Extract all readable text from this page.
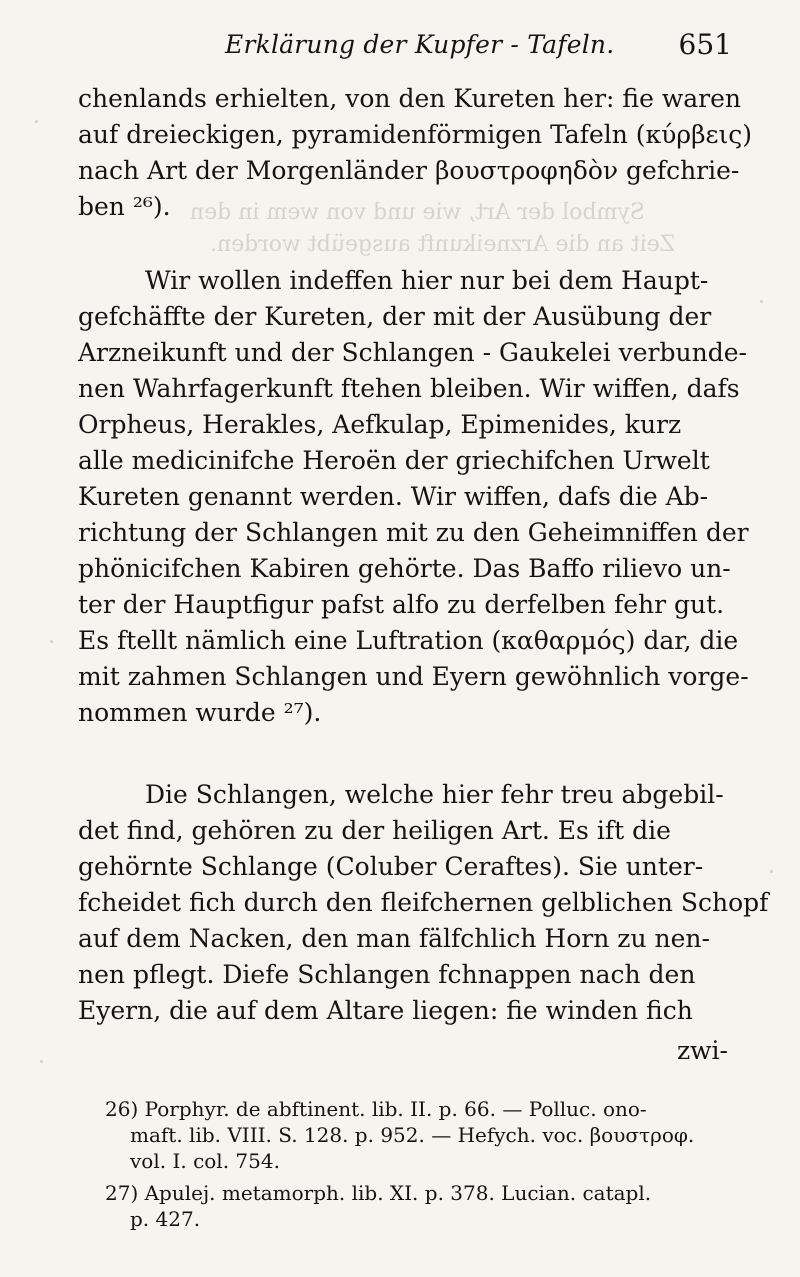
Erklärung der Kupfer - Tafeln. 651
Symbol der Art, wie und von wem in den
Zeit an die Arzneikunft ausgeübt worden.
chenlands erhielten, von den Kureten her: fie waren
auf dreieckigen, pyramidenförmigen Tafeln (κύρβεις)
nach Art der Morgenländer βουστροφηδὸν gefchrie-
ben ²⁶).
Wir wollen indeffen hier nur bei dem Haupt-
gefchäffte der Kureten, der mit der Ausübung der
Arzneikunft und der Schlangen - Gaukelei verbunde-
nen Wahrfagerkunft ftehen bleiben. Wir wiffen, dafs
Orpheus, Herakles, Aefkulap, Epimenides, kurz
alle medicinifche Heroën der griechifchen Urwelt
Kureten genannt werden. Wir wiffen, dafs die Ab-
richtung der Schlangen mit zu den Geheimniffen der
phönicifchen Kabiren gehörte. Das Baffo rilievo un-
ter der Hauptfigur pafst alfo zu derfelben fehr gut.
Es ftellt nämlich eine Luftration (καθαρμός) dar, die
mit zahmen Schlangen und Eyern gewöhnlich vorge-
nommen wurde ²⁷).
Die Schlangen, welche hier fehr treu abgebil-
det find, gehören zu der heiligen Art. Es ift die
gehörnte Schlange (Coluber Ceraftes). Sie unter-
fcheidet fich durch den fleifchernen gelblichen Schopf
auf dem Nacken, den man fälfchlich Horn zu nen-
nen pflegt. Diefe Schlangen fchnappen nach den
Eyern, die auf dem Altare liegen: fie winden fich
zwi-
26) Porphyr. de abftinent. lib. II. p. 66. — Polluc. ono-
maft. lib. VIII. S. 128. p. 952. — Hefych. voc. βουστροφ.
vol. I. col. 754.
27) Apulej. metamorph. lib. XI. p. 378. Lucian. catapl.
p. 427.
